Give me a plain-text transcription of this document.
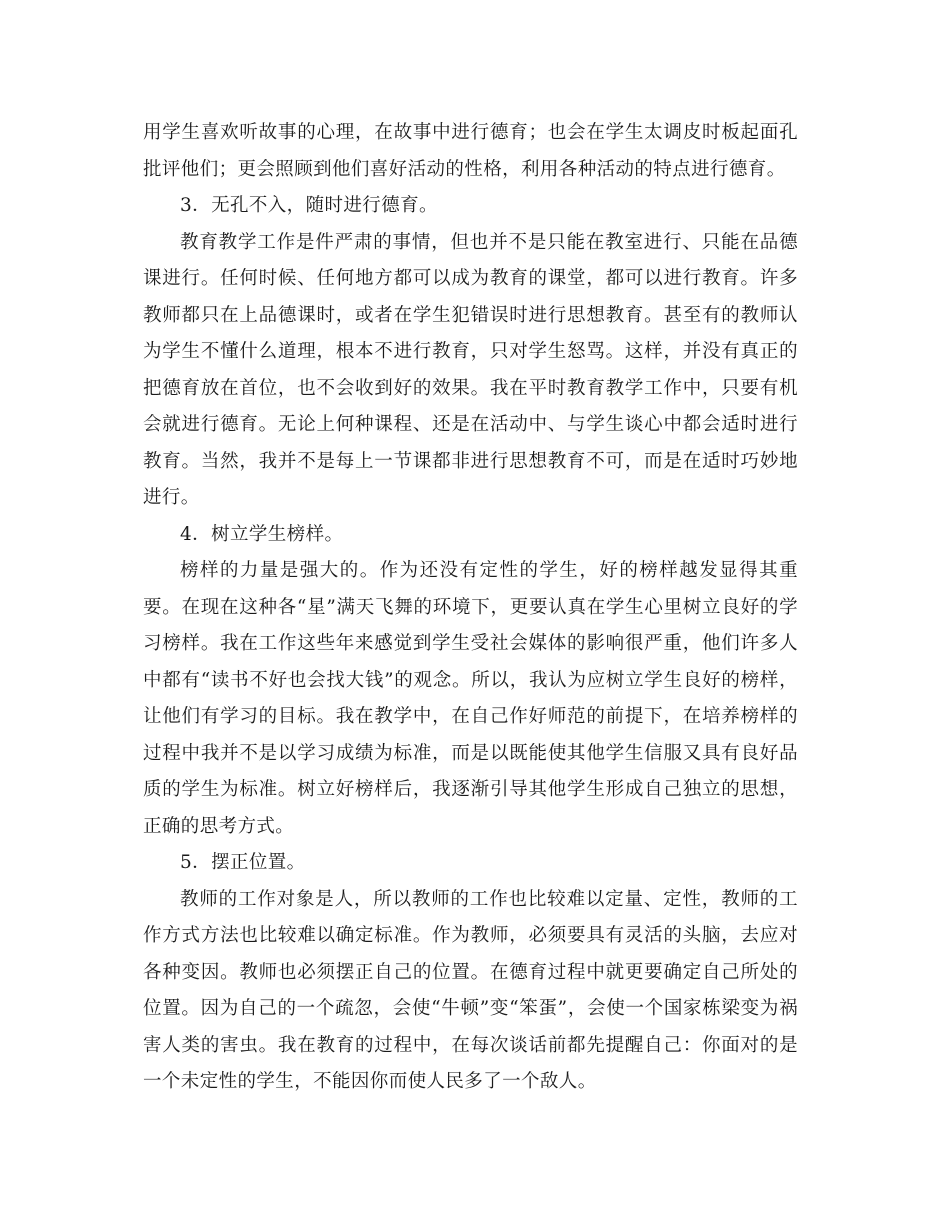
用学生喜欢听故事的心理，在故事中进行德育；也会在学生太调皮时板起面孔批评他们；更会照顾到他们喜好活动的性格，利用各种活动的特点进行德育。

3．无孔不入，随时进行德育。

教育教学工作是件严肃的事情，但也并不是只能在教室进行、只能在品德课进行。任何时候、任何地方都可以成为教育的课堂，都可以进行教育。许多教师都只在上品德课时，或者在学生犯错误时进行思想教育。甚至有的教师认为学生不懂什么道理，根本不进行教育，只对学生怒骂。这样，并没有真正的把德育放在首位，也不会收到好的效果。我在平时教育教学工作中，只要有机会就进行德育。无论上何种课程、还是在活动中、与学生谈心中都会适时进行教育。当然，我并不是每上一节课都非进行思想教育不可，而是在适时巧妙地进行。

4．树立学生榜样。

榜样的力量是强大的。作为还没有定性的学生，好的榜样越发显得其重要。在现在这种各“星”满天飞舞的环境下，更要认真在学生心里树立良好的学习榜样。我在工作这些年来感觉到学生受社会媒体的影响很严重，他们许多人中都有“读书不好也会找大钱”的观念。所以，我认为应树立学生良好的榜样，让他们有学习的目标。我在教学中，在自己作好师范的前提下，在培养榜样的过程中我并不是以学习成绩为标准，而是以既能使其他学生信服又具有良好品质的学生为标准。树立好榜样后，我逐渐引导其他学生形成自己独立的思想，正确的思考方式。

5．摆正位置。

教师的工作对象是人，所以教师的工作也比较难以定量、定性，教师的工作方式方法也比较难以确定标准。作为教师，必须要具有灵活的头脑，去应对各种变因。教师也必须摆正自己的位置。在德育过程中就更要确定自己所处的位置。因为自己的一个疏忽，会使“牛顿”变“笨蛋”，会使一个国家栋梁变为祸害人类的害虫。我在教育的过程中，在每次谈话前都先提醒自己：你面对的是一个未定性的学生，不能因你而使人民多了一个敌人。
